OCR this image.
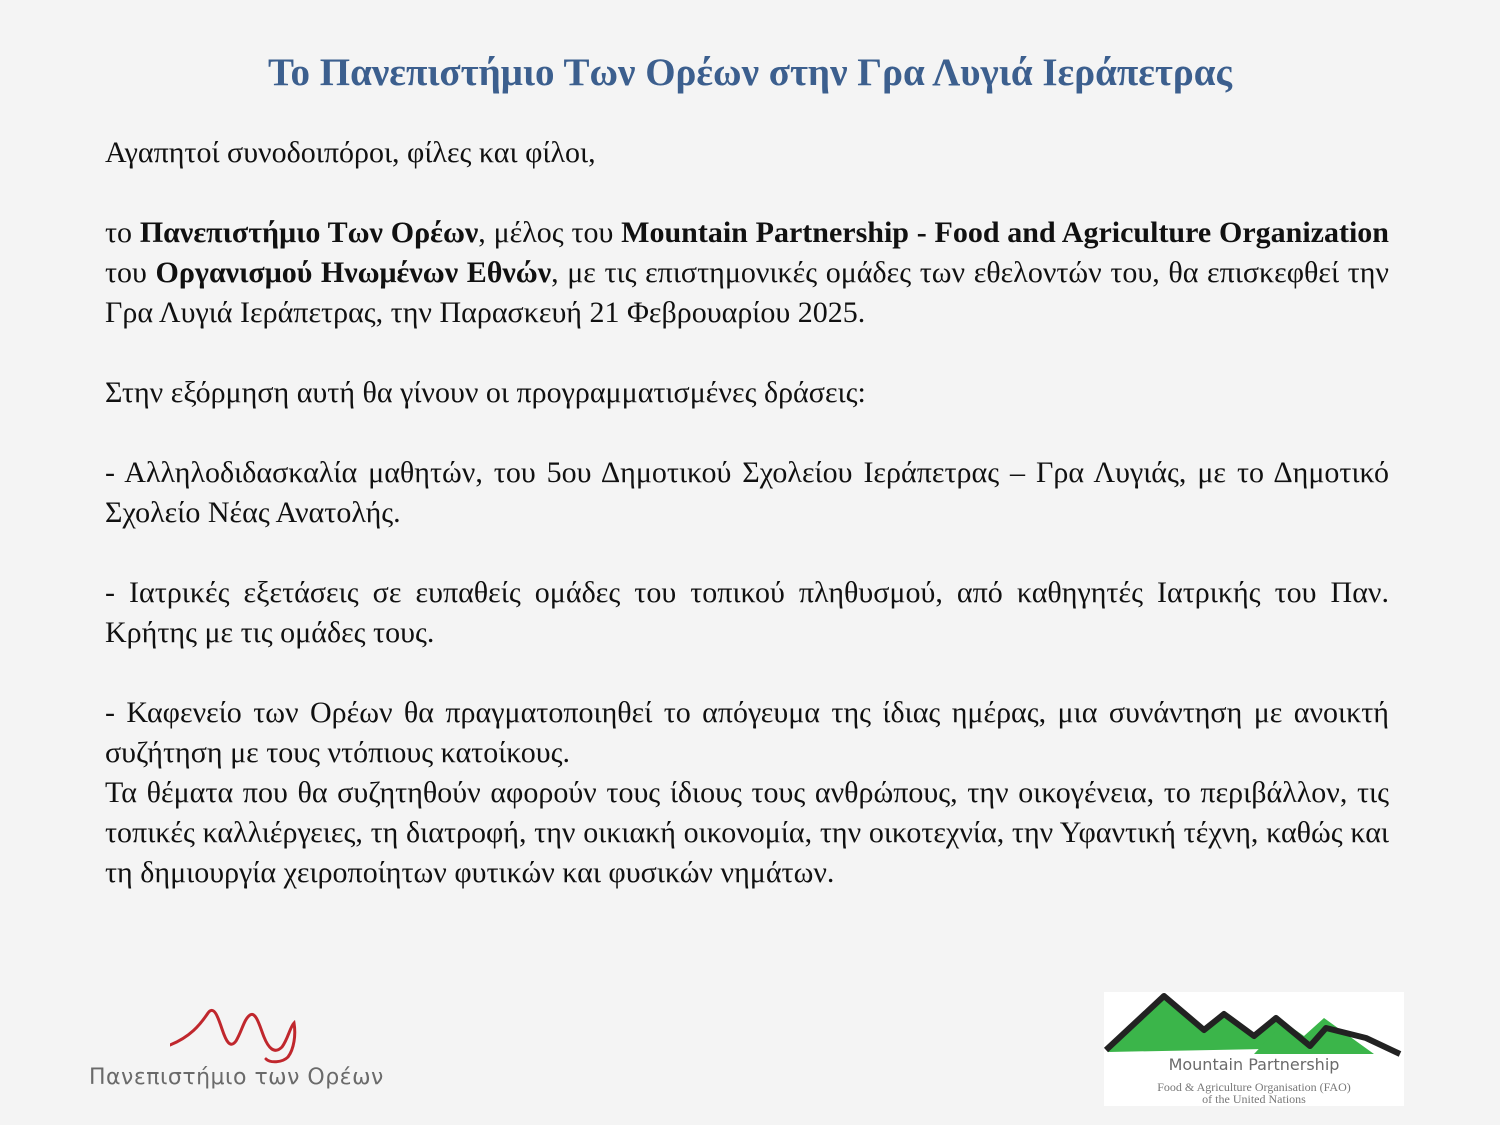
Το Πανεπιστήμιο Των Ορέων στην Γρα Λυγιά Ιεράπετρας

Αγαπητοί συνοδοιπόροι, φίλες και φίλοι,

το Πανεπιστήμιο Των Ορέων, μέλος του Mountain Partnership - Food and Agriculture Organization του Οργανισμού Ηνωμένων Εθνών, με τις επιστημονικές ομάδες των εθελοντών του, θα επισκεφθεί την Γρα Λυγιά Ιεράπετρας, την Παρασκευή 21 Φεβρουαρίου 2025.

Στην εξόρμηση αυτή θα γίνουν οι προγραμματισμένες δράσεις:

- Αλληλοδιδασκαλία μαθητών, του 5ου Δημοτικού Σχολείου Ιεράπετρας – Γρα Λυγιάς, με το Δημοτικό Σχολείο Νέας Ανατολής.

- Ιατρικές εξετάσεις σε ευπαθείς ομάδες του τοπικού πληθυσμού, από καθηγητές Ιατρικής του Παν. Κρήτης με τις ομάδες τους.

- Καφενείο των Ορέων θα πραγματοποιηθεί το απόγευμα της ίδιας ημέρας, μια συνάντηση με ανοικτή συζήτηση με τους ντόπιους κατοίκους.

Τα θέματα που θα συζητηθούν αφορούν τους ίδιους τους ανθρώπους, την οικογένεια, το περιβάλλον, τις τοπικές καλλιέργειες, τη διατροφή, την οικιακή οικονομία, την οικοτεχνία, την Υφαντική τέχνη, καθώς και τη δημιουργία χειροποίητων φυτικών και φυσικών νημάτων.

Πανεπιστήμιο των Ορέων
Mountain Partnership
Food & Agriculture Organisation (FAO)
of the United Nations
